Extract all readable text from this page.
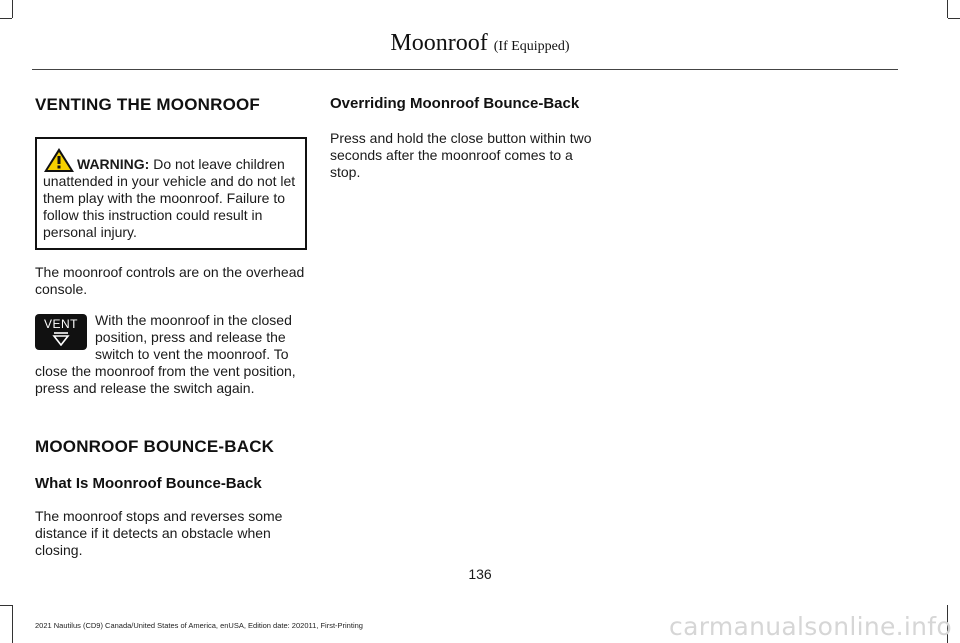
Moonroof (If Equipped)
VENTING THE MOONROOF
WARNING: Do not leave children unattended in your vehicle and do not let them play with the moonroof. Failure to follow this instruction could result in personal injury.

The moonroof controls are on the overhead console.

VENT	With the moonroof in the closed position, press and release the switch to vent the moonroof. To close the moonroof from the vent position, press and release the switch again.
MOONROOF BOUNCE-BACK
What Is Moonroof Bounce-Back

The moonroof stops and reverses some distance if it detects an obstacle when closing.

Overriding Moonroof Bounce-Back

Press and hold the close button within two seconds after the moonroof comes to a stop.

136
2021 Nautilus (CD9) Canada/United States of America, enUSA, Edition date: 202011, First-Printing	carmanualsonline.info
